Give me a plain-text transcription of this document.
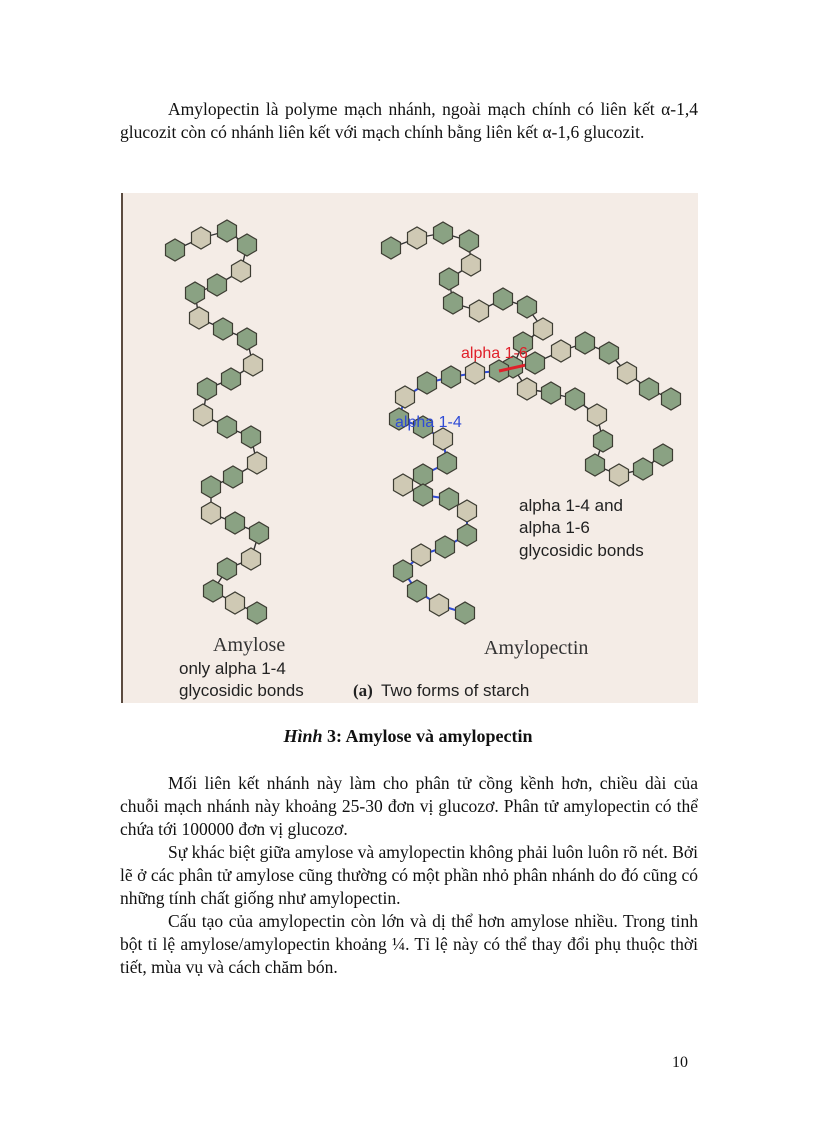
Amylopectin là polyme mạch nhánh, ngoài mạch chính có liên kết α-1,4 glucozit còn có nhánh liên kết với mạch chính bằng liên kết α-1,6 glucozit.

alpha 1-6
alpha 1-4
alpha 1-4 and
alpha 1-6
glycosidic bonds
Amylose
only alpha 1-4
glycosidic bonds	(a) Two forms of starch
Amylopectin
Hình 3: Amylose và amylopectin

Mối liên kết nhánh này làm cho phân tử cồng kềnh hơn, chiều dài của chuỗi mạch nhánh này khoảng 25-30 đơn vị glucozơ. Phân tử amylopectin có thể chứa tới 100000 đơn vị glucozơ.

Sự khác biệt giữa amylose và amylopectin không phải luôn luôn rõ nét. Bởi lẽ ở các phân tử amylose cũng thường có một phần nhỏ phân nhánh do đó cũng có những tính chất giống như amylopectin.

Cấu tạo của amylopectin còn lớn và dị thể hơn amylose nhiều. Trong tinh bột tỉ lệ amylose/amylopectin khoảng ¼. Tỉ lệ này có thể thay đổi phụ thuộc thời tiết, mùa vụ và cách chăm bón.

10
